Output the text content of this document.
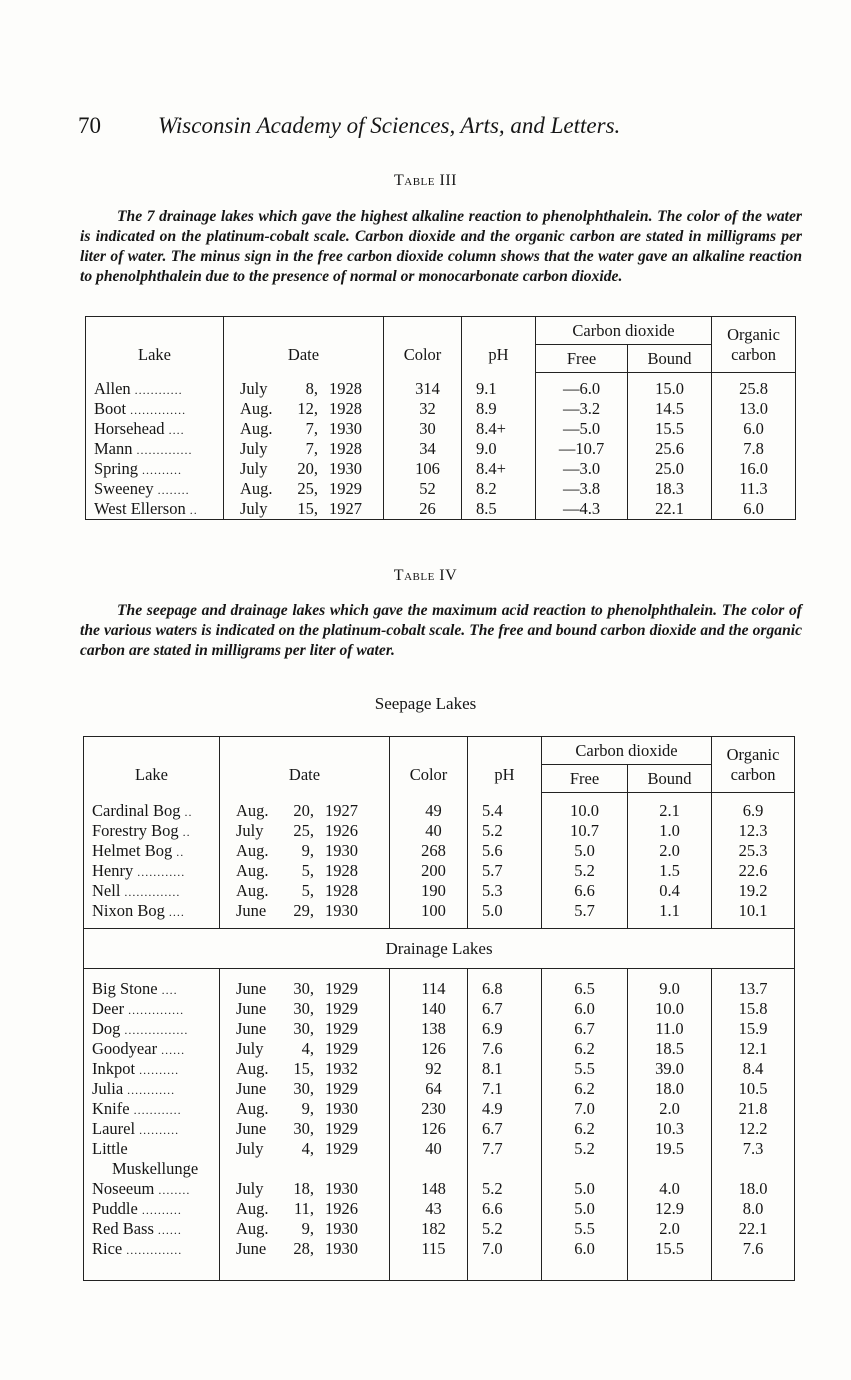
70 Wisconsin Academy of Sciences, Arts, and Letters.
Table III
The 7 drainage lakes which gave the highest alkaline reaction to phenolphthalein. The color of the water is indicated on the platinum-cobalt scale. Carbon dioxide and the organic carbon are stated in milligrams per liter of water. The minus sign in the free carbon dioxide column shows that the water gave an alkaline reaction to phenolphthalein due to the presence of normal or monocarbonate carbon dioxide.
Lake	Date	Color	pH	Carbon dioxide		Organic
				Free	Bound	carbon

Allen ............	July 8, 1928	314	9.1	—6.0	15.0	25.8
Boot ..............	Aug. 12, 1928	32	8.9	—3.2	14.5	13.0
Horsehead ....	Aug. 7, 1930	30	8.4+	—5.0	15.5	6.0
Mann ..............	July 7, 1928	34	9.0	—10.7	25.6	7.8
Spring ..........	July 20, 1930	106	8.4+	—3.0	25.0	16.0
Sweeney ........	Aug. 25, 1929	52	8.2	—3.8	18.3	11.3
West Ellerson ..	July 15, 1927	26	8.5	—4.3	22.1	6.0
Table IV
The seepage and drainage lakes which gave the maximum acid reaction to phenolphthalein. The color of the various waters is indicated on the platinum-cobalt scale. The free and bound carbon dioxide and the organic carbon are stated in milligrams per liter of water.
Seepage Lakes
Lake	Date	Color	pH	Carbon dioxide		Organic
				Free	Bound	carbon

Cardinal Bog ..	Aug. 20, 1927	49	5.4	10.0	2.1	6.9
Forestry Bog ..	July 25, 1926	40	5.2	10.7	1.0	12.3
Helmet Bog ..	Aug. 9, 1930	268	5.6	5.0	2.0	25.3
Henry ............	Aug. 5, 1928	200	5.7	5.2	1.5	22.6
Nell ..............	Aug. 5, 1928	190	5.3	6.6	0.4	19.2
Nixon Bog ....	June 29, 1930	100	5.0	5.7	1.1	10.1

Drainage Lakes						

Big Stone ....	June 30, 1929	114	6.8	6.5	9.0	13.7
Deer ..............	June 30, 1929	140	6.7	6.0	10.0	15.8
Dog ................	June 30, 1929	138	6.9	6.7	11.0	15.9
Goodyear ......	July 4, 1929	126	7.6	6.2	18.5	12.1
Inkpot ..........	Aug. 15, 1932	92	8.1	5.5	39.0	8.4
Julia ............	June 30, 1929	64	7.1	6.2	18.0	10.5
Knife ............	Aug. 9, 1930	230	4.9	7.0	2.0	21.8
Laurel ..........	June 30, 1929	126	6.7	6.2	10.3	12.2

Little
Muskellunge	July 4, 1929	40	7.7	5.2	19.5	7.3
Noseeum ........	July 18, 1930	148	5.2	5.0	4.0	18.0
Puddle ..........	Aug. 11, 1926	43	6.6	5.0	12.9	8.0
Red Bass ......	Aug. 9, 1930	182	5.2	5.5	2.0	22.1
Rice ..............	June 28, 1930	115	7.0	6.0	15.5	7.6
